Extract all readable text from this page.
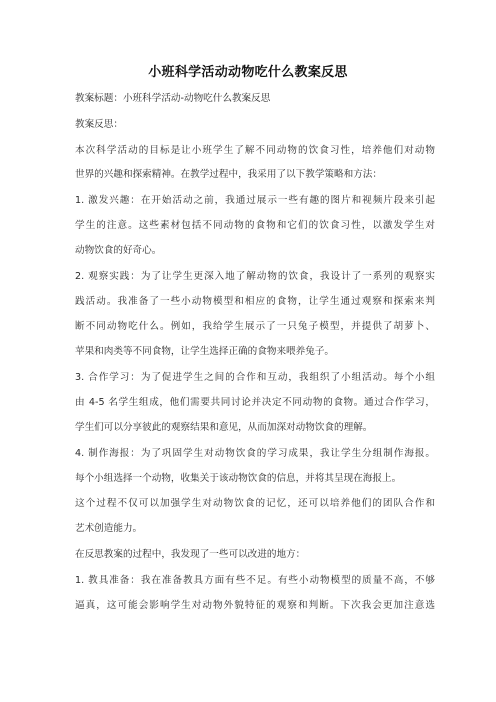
小班科学活动动物吃什么教案反思
教案标题：小班科学活动-动物吃什么教案反思
教案反思：
本次科学活动的目标是让小班学生了解不同动物的饮食习性，培养他们对动物
世界的兴趣和探索精神。在教学过程中，我采用了以下教学策略和方法：
1. 激发兴趣：在开始活动之前，我通过展示一些有趣的图片和视频片段来引起
学生的注意。这些素材包括不同动物的食物和它们的饮食习性，以激发学生对
动物饮食的好奇心。
2. 观察实践：为了让学生更深入地了解动物的饮食，我设计了一系列的观察实
践活动。我准备了一些小动物模型和相应的食物，让学生通过观察和探索来判
断不同动物吃什么。例如，我给学生展示了一只兔子模型，并提供了胡萝卜、
苹果和肉类等不同食物，让学生选择正确的食物来喂养兔子。
3. 合作学习：为了促进学生之间的合作和互动，我组织了小组活动。每个小组
由 4-5 名学生组成，他们需要共同讨论并决定不同动物的食物。通过合作学习，
学生们可以分享彼此的观察结果和意见，从而加深对动物饮食的理解。
4. 制作海报：为了巩固学生对动物饮食的学习成果，我让学生分组制作海报。
每个小组选择一个动物，收集关于该动物饮食的信息，并将其呈现在海报上。
这个过程不仅可以加强学生对动物饮食的记忆，还可以培养他们的团队合作和
艺术创造能力。
在反思教案的过程中，我发现了一些可以改进的地方：
1. 教具准备：我在准备教具方面有些不足。有些小动物模型的质量不高，不够
逼真，这可能会影响学生对动物外貌特征的观察和判断。下次我会更加注意选
